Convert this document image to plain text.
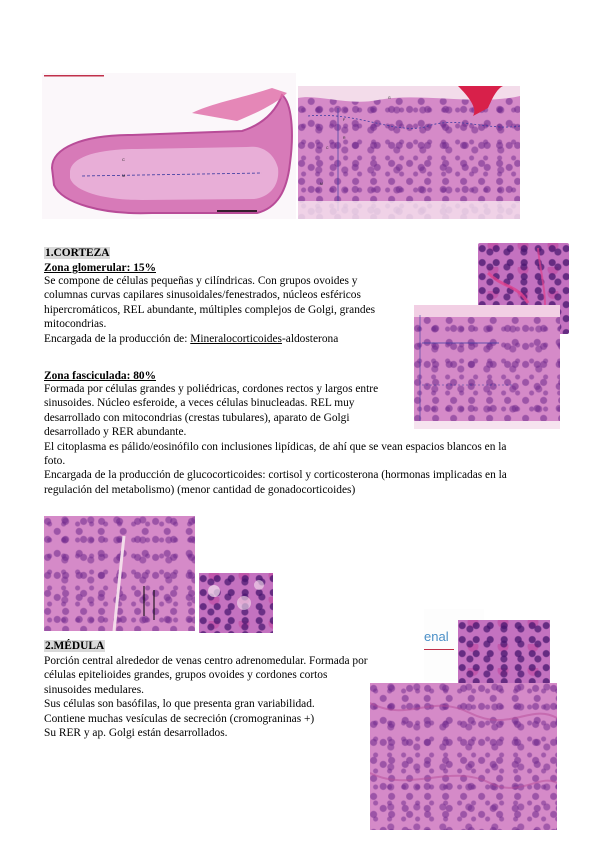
C
M
G
F
R
C
M
1.CORTEZA
Zona glomerular: 15%
Se compone de células pequeñas y cilíndricas. Con grupos ovoides y
columnas curvas capilares sinusoidales/fenestrados, núcleos esféricos
hipercromáticos, REL abundante, múltiples complejos de Golgi, grandes
mitocondrias.
Encargada de la producción de: Mineralocorticoides-aldosterona
Zona fasciculada: 80%
Formada por células grandes y poliédricas, cordones rectos y largos entre
sinusoides. Núcleo esferoide, a veces células binucleadas. REL muy
desarrollado con mitocondrias (crestas tubulares), aparato de Golgi
desarrollado y RER abundante.
El citoplasma es pálido/eosinófilo con inclusiones lipídicas, de ahí que se vean espacios blancos en la
foto.
Encargada de la producción de glucocorticoides: cortisol y corticosterona (hormonas implicadas en la
regulación del metabolismo) (menor cantidad de gonadocorticoides)
2.MÉDULA
Porción central alrededor de venas centro adrenomedular. Formada por
células epitelioides grandes, grupos ovoides y cordones cortos
sinusoides medulares.
Sus células son basófilas, lo que presenta gran variabilidad.
Contiene muchas vesículas de secreción (cromograninas +)
Su RER y ap. Golgi están desarrollados.
enal
